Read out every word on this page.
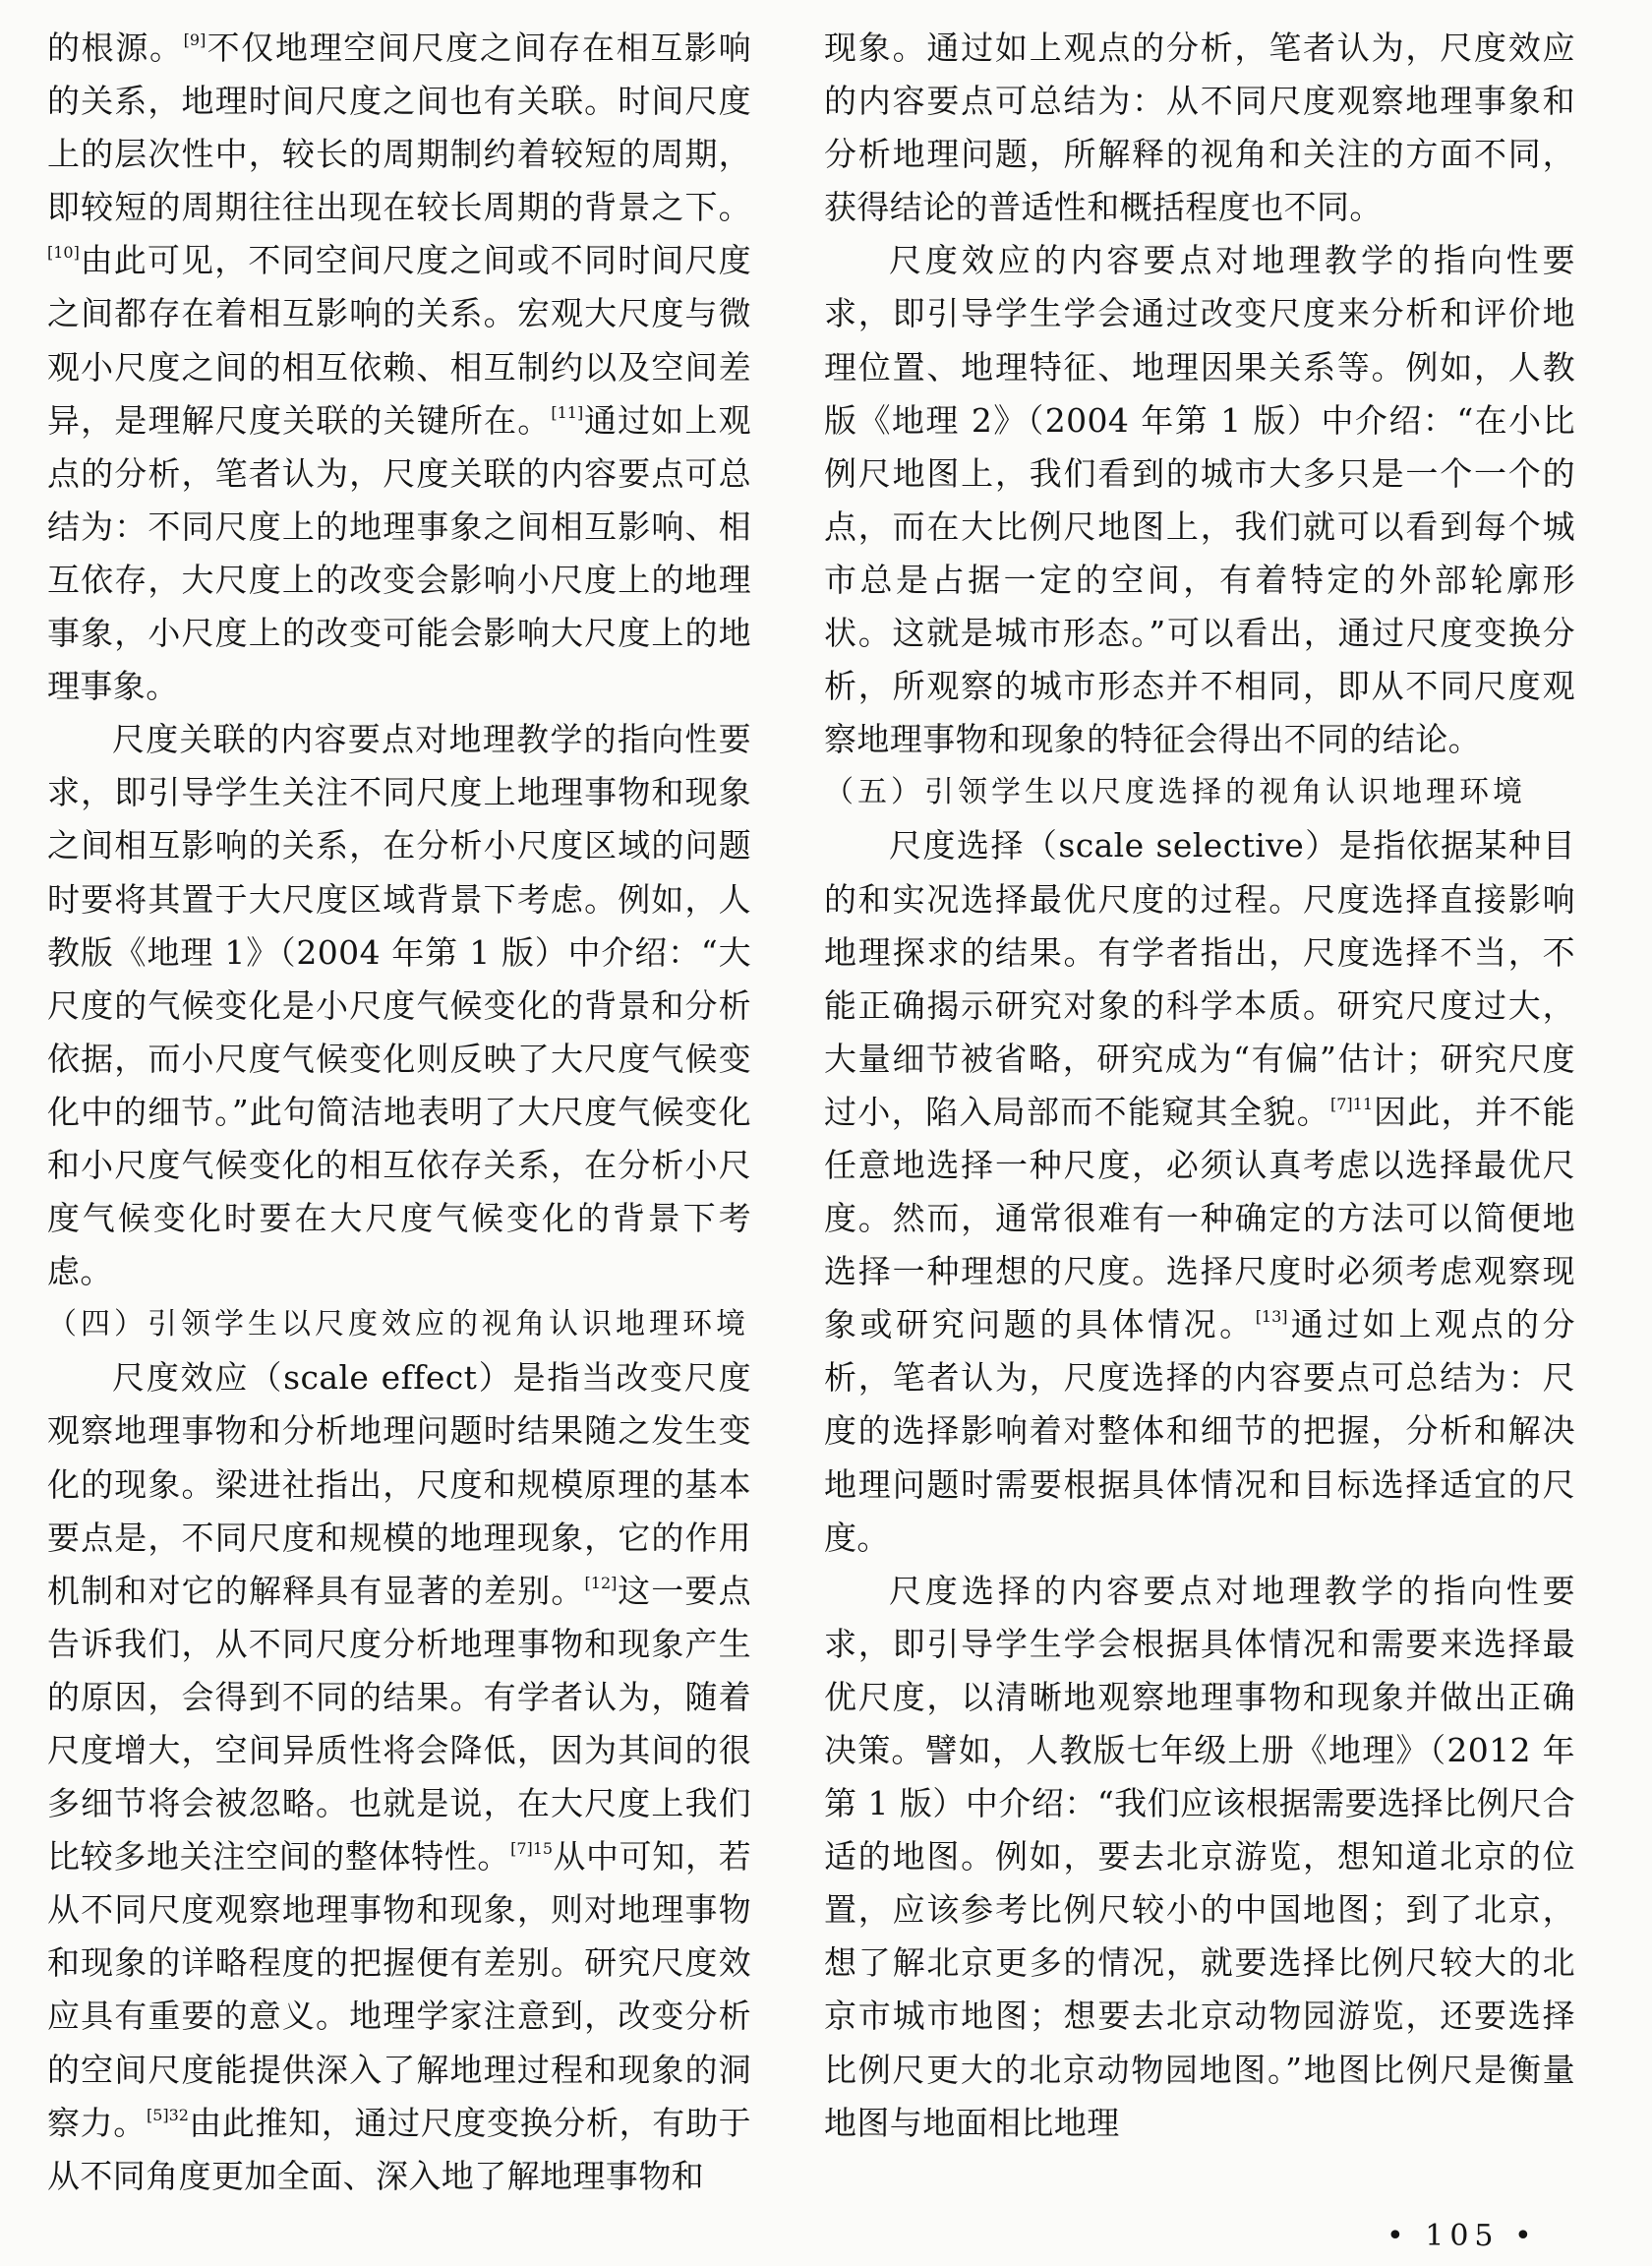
的根源。[9]不仅地理空间尺度之间存在相互影响的关系，地理时间尺度之间也有关联。时间尺度上的层次性中，较长的周期制约着较短的周期，即较短的周期往往出现在较长周期的背景之下。[10]由此可见，不同空间尺度之间或不同时间尺度之间都存在着相互影响的关系。宏观大尺度与微观小尺度之间的相互依赖、相互制约以及空间差异，是理解尺度关联的关键所在。[11]通过如上观点的分析，笔者认为，尺度关联的内容要点可总结为：不同尺度上的地理事象之间相互影响、相互依存，大尺度上的改变会影响小尺度上的地理事象，小尺度上的改变可能会影响大尺度上的地理事象。

尺度关联的内容要点对地理教学的指向性要求，即引导学生关注不同尺度上地理事物和现象之间相互影响的关系，在分析小尺度区域的问题时要将其置于大尺度区域背景下考虑。例如，人教版《地理 1》（2004 年第 1 版）中介绍：“大尺度的气候变化是小尺度气候变化的背景和分析依据，而小尺度气候变化则反映了大尺度气候变化中的细节。”此句简洁地表明了大尺度气候变化和小尺度气候变化的相互依存关系，在分析小尺度气候变化时要在大尺度气候变化的背景下考虑。

（四）引领学生以尺度效应的视角认识地理环境

尺度效应（scale effect）是指当改变尺度观察地理事物和分析地理问题时结果随之发生变化的现象。梁进社指出，尺度和规模原理的基本要点是，不同尺度和规模的地理现象，它的作用机制和对它的解释具有显著的差别。[12]这一要点告诉我们，从不同尺度分析地理事物和现象产生的原因，会得到不同的结果。有学者认为，随着尺度增大，空间异质性将会降低，因为其间的很多细节将会被忽略。也就是说，在大尺度上我们比较多地关注空间的整体特性。$^{[7]15}$从中可知，若从不同尺度观察地理事物和现象，则对地理事物和现象的详略程度的把握便有差别。研究尺度效应具有重要的意义。地理学家注意到，改变分析的空间尺度能提供深入了解地理过程和现象的洞察力。$^{[5]32}$由此推知，通过尺度变换分析，有助于从不同角度更加全面、深入地了解地理事物和

现象。通过如上观点的分析，笔者认为，尺度效应的内容要点可总结为：从不同尺度观察地理事象和分析地理问题，所解释的视角和关注的方面不同，获得结论的普适性和概括程度也不同。

尺度效应的内容要点对地理教学的指向性要求，即引导学生学会通过改变尺度来分析和评价地理位置、地理特征、地理因果关系等。例如，人教版《地理 2》（2004 年第 1 版）中介绍：“在小比例尺地图上，我们看到的城市大多只是一个一个的点，而在大比例尺地图上，我们就可以看到每个城市总是占据一定的空间，有着特定的外部轮廓形状。这就是城市形态。”可以看出，通过尺度变换分析，所观察的城市形态并不相同，即从不同尺度观察地理事物和现象的特征会得出不同的结论。

（五）引领学生以尺度选择的视角认识地理环境

尺度选择（scale selective）是指依据某种目的和实况选择最优尺度的过程。尺度选择直接影响地理探求的结果。有学者指出，尺度选择不当，不能正确揭示研究对象的科学本质。研究尺度过大，大量细节被省略，研究成为“有偏”估计；研究尺度过小，陷入局部而不能窥其全貌。$^{[7]11}$因此，并不能任意地选择一种尺度，必须认真考虑以选择最优尺度。然而，通常很难有一种确定的方法可以简便地选择一种理想的尺度。选择尺度时必须考虑观察现象或研究问题的具体情况。[13]通过如上观点的分析，笔者认为，尺度选择的内容要点可总结为：尺度的选择影响着对整体和细节的把握，分析和解决地理问题时需要根据具体情况和目标选择适宜的尺度。

尺度选择的内容要点对地理教学的指向性要求，即引导学生学会根据具体情况和需要来选择最优尺度，以清晰地观察地理事物和现象并做出正确决策。譬如，人教版七年级上册《地理》（2012 年第 1 版）中介绍：“我们应该根据需要选择比例尺合适的地图。例如，要去北京游览，想知道北京的位置，应该参考比例尺较小的中国地图；到了北京，想了解北京更多的情况，就要选择比例尺较大的北京市城市地图；想要去北京动物园游览，还要选择比例尺更大的北京动物园地图。”地图比例尺是衡量地图与地面相比地理

• 105 •
